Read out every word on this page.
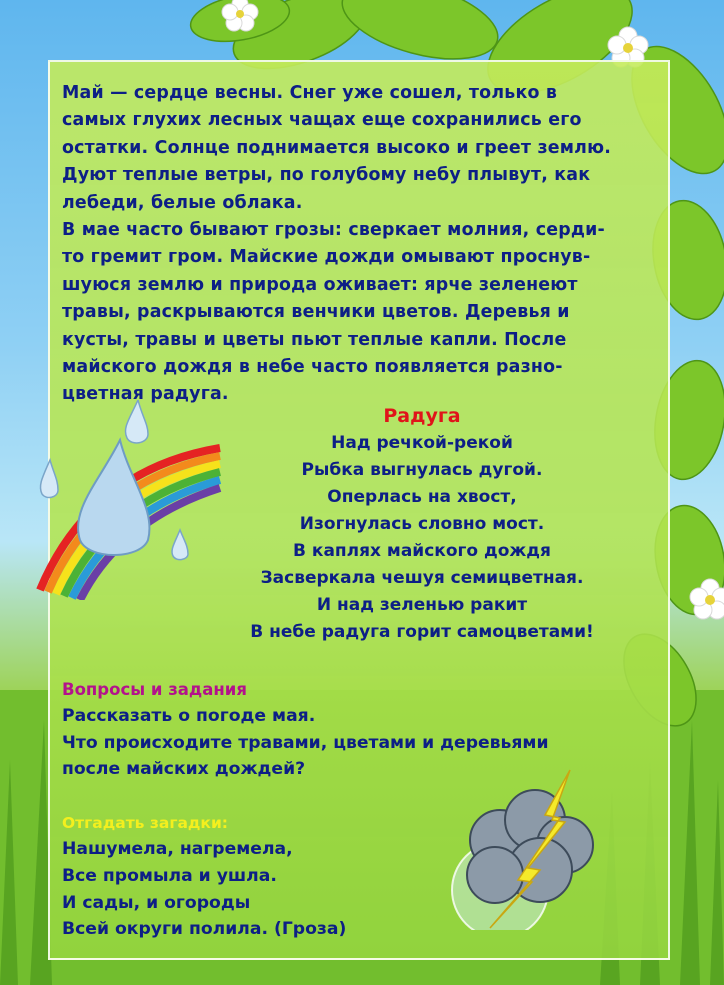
Май — сердце весны. Снег уже сошел, только в

самых глухих лесных чащах еще сохранились его

остатки. Солнце поднимается высоко и греет землю.

Дуют теплые ветры, по голубому небу плывут, как

лебеди, белые облака.

В мае часто бывают грозы: сверкает молния, серди-

то гремит гром. Майские дожди омывают проснув-

шуюся землю и природа оживает: ярче зеленеют

травы, раскрываются венчики цветов. Деревья и

кусты, травы и цветы пьют теплые капли. После

майского дождя в небе часто появляется разно-

цветная радуга.

Радуга
Над речкой-рекой
Рыбка выгнулась дугой.
Оперлась на хвост,
Изогнулась словно мост.
В каплях майского дождя
Засверкала чешуя семицветная.
И над зеленью ракит
В небе радуга горит самоцветами!
Вопросы и задания
Рассказать о погоде мая.
Что происходите травами, цветами и деревьями
после майских дождей?
Отгадать загадки:
Нашумела, нагремела,
Все промыла и ушла.
И сады, и огороды
Всей округи полила. (Гроза)
